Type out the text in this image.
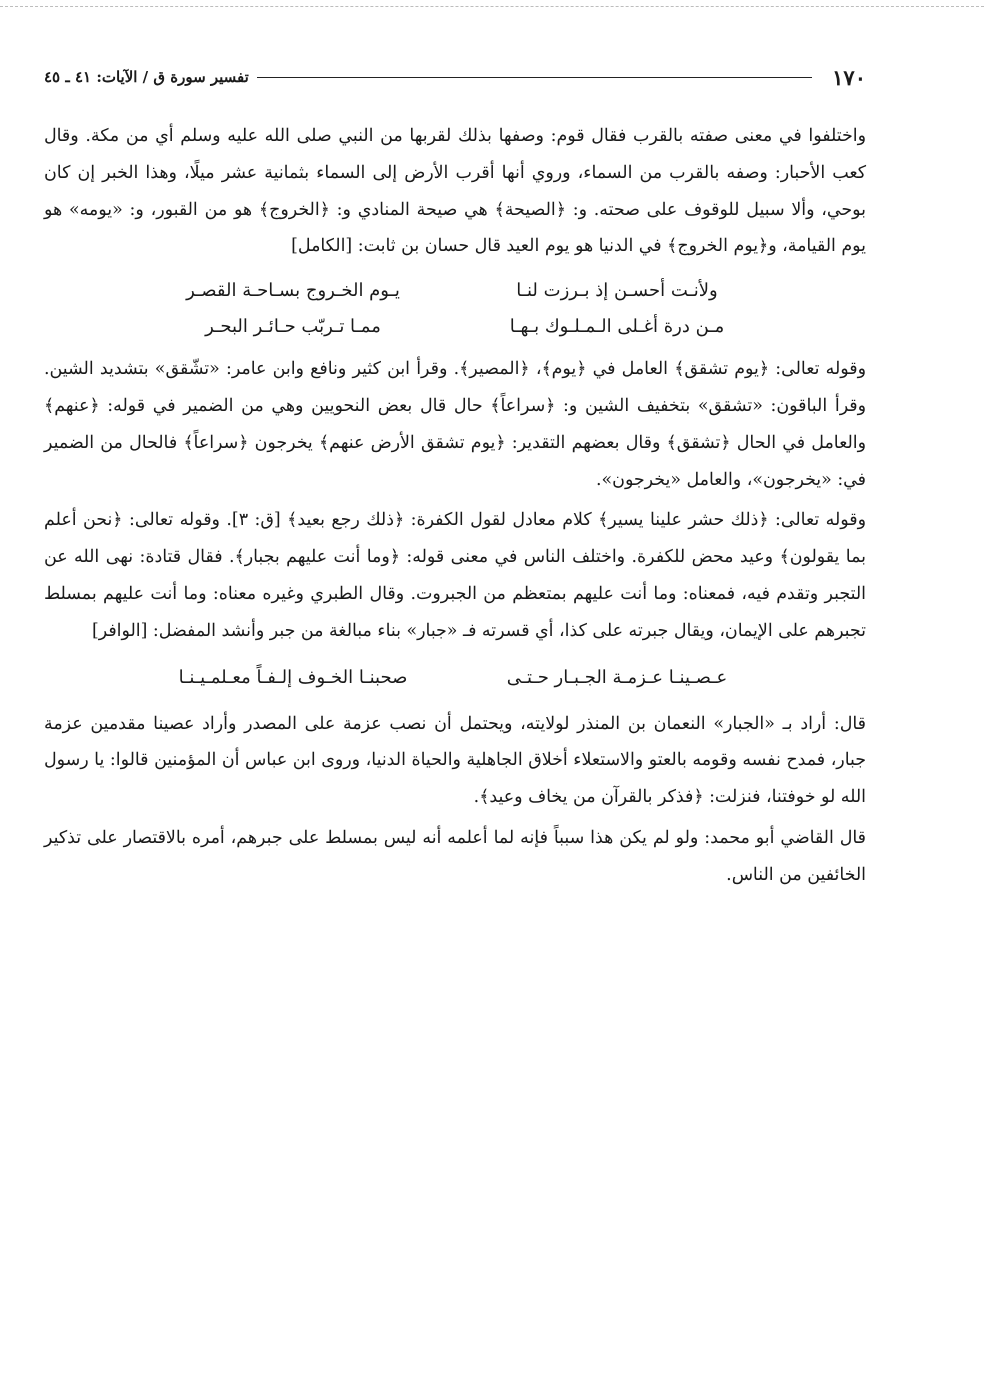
١٧٠
تفسير سورة ق / الآيات: ٤١ ـ ٤٥

واختلفوا في معنى صفته بالقرب فقال قوم: وصفها بذلك لقربها من النبي صلى الله عليه وسلم أي من مكة. وقال كعب الأحبار: وصفه بالقرب من السماء، وروي أنها أقرب الأرض إلى السماء بثمانية عشر ميلًا، وهذا الخبر إن كان بوحي، وألا سبيل للوقوف على صحته. و: ﴿الصيحة﴾ هي صيحة المنادي و: ﴿الخروج﴾ هو من القبور، و: «يومه» هو يوم القيامة، و﴿يوم الخروج﴾ في الدنيا هو يوم العيد قال حسان بن ثابت: [الكامل]

ولأنـت أحسـن إذ بـرزت لنـا
يـوم الخـروج بسـاحـة القصـر
مـن درة أغـلى الـمـلـوك بـهـا
ممـا تـربّب حـائـر البحـر

وقوله تعالى: ﴿يوم تشقق﴾ العامل في ﴿يوم﴾، ﴿المصير﴾. وقرأ ابن كثير ونافع وابن عامر: «تشّقق» بتشديد الشين. وقرأ الباقون: «تشقق» بتخفيف الشين و: ﴿سراعاً﴾ حال قال بعض النحويين وهي من الضمير في قوله: ﴿عنهم﴾ والعامل في الحال ﴿تشقق﴾ وقال بعضهم التقدير: ﴿يوم تشقق الأرض عنهم﴾ يخرجون ﴿سراعاً﴾ فالحال من الضمير في: «يخرجون»، والعامل «يخرجون».

وقوله تعالى: ﴿ذلك حشر علينا يسير﴾ كلام معادل لقول الكفرة: ﴿ذلك رجع بعيد﴾ [ق: ٣]. وقوله تعالى: ﴿نحن أعلم بما يقولون﴾ وعيد محض للكفرة. واختلف الناس في معنى قوله: ﴿وما أنت عليهم بجبار﴾. فقال قتادة: نهى الله عن التجبر وتقدم فيه، فمعناه: وما أنت عليهم بمتعظم من الجبروت. وقال الطبري وغيره معناه: وما أنت عليهم بمسلط تجبرهم على الإيمان، ويقال جبرته على كذا، أي قسرته فـ «جبار» بناء مبالغة من جبر وأنشد المفضل: [الوافر]

عـصـينـا عـزمـة الجـبـار حـتـى
صحبنـا الخـوف إلـفـاً معـلمـيـنـا

قال: أراد بـ «الجبار» النعمان بن المنذر لولايته، ويحتمل أن نصب عزمة على المصدر وأراد عصينا مقدمين عزمة جبار، فمدح نفسه وقومه بالعتو والاستعلاء أخلاق الجاهلية والحياة الدنيا، وروى ابن عباس أن المؤمنين قالوا: يا رسول الله لو خوفتنا، فنزلت: ﴿فذكر بالقرآن من يخاف وعيد﴾.

قال القاضي أبو محمد: ولو لم يكن هذا سبباً فإنه لما أعلمه أنه ليس بمسلط على جبرهم، أمره بالاقتصار على تذكير الخائفين من الناس.
